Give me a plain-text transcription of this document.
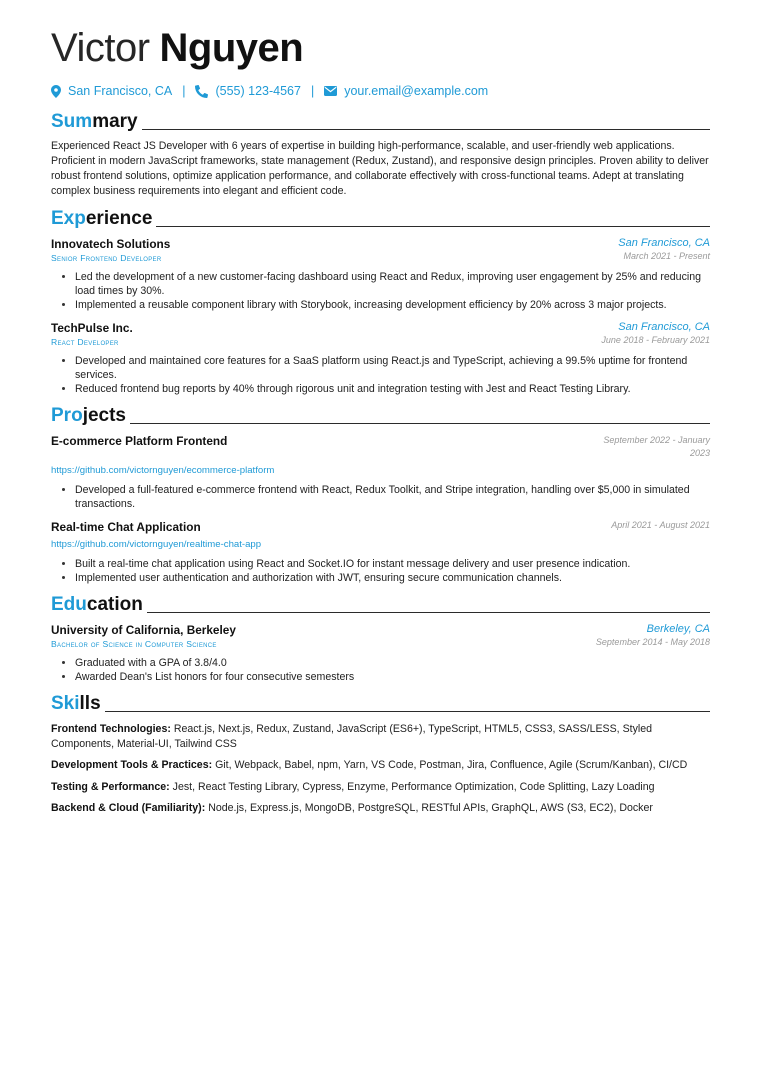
Victor Nguyen
San Francisco, CA | (555) 123-4567 | your.email@example.com
Summary

Experienced React JS Developer with 6 years of expertise in building high-performance, scalable, and user-friendly web applications. Proficient in modern JavaScript frameworks, state management (Redux, Zustand), and responsive design principles. Proven ability to deliver robust frontend solutions, optimize application performance, and collaborate effectively with cross-functional teams. Adept at translating complex business requirements into elegant and efficient code.

Experience
Innovatech Solutions	San Francisco, CA
Senior Frontend Developer	March 2021 - Present
• Led the development of a new customer-facing dashboard using React and Redux, improving user engagement by 25% and reducing load times by 30%.
• Implemented a reusable component library with Storybook, increasing development efficiency by 20% across 3 major projects.
TechPulse Inc.	San Francisco, CA
React Developer	June 2018 - February 2021
• Developed and maintained core features for a SaaS platform using React.js and TypeScript, achieving a 99.5% uptime for frontend services.
• Reduced frontend bug reports by 40% through rigorous unit and integration testing with Jest and React Testing Library.
Projects
E-commerce Platform Frontend	September 2022 - January 2023
https://github.com/victornguyen/ecommerce-platform
• Developed a full-featured e-commerce frontend with React, Redux Toolkit, and Stripe integration, handling over $5,000 in simulated transactions.
Real-time Chat Application	April 2021 - August 2021
https://github.com/victornguyen/realtime-chat-app
• Built a real-time chat application using React and Socket.IO for instant message delivery and user presence indication.
• Implemented user authentication and authorization with JWT, ensuring secure communication channels.
Education
University of California, Berkeley	Berkeley, CA
Bachelor of Science in Computer Science	September 2014 - May 2018
• Graduated with a GPA of 3.8/4.0
• Awarded Dean's List honors for four consecutive semesters
Skills
Frontend Technologies: React.js, Next.js, Redux, Zustand, JavaScript (ES6+), TypeScript, HTML5, CSS3, SASS/LESS, Styled Components, Material-UI, Tailwind CSS
Development Tools & Practices: Git, Webpack, Babel, npm, Yarn, VS Code, Postman, Jira, Confluence, Agile (Scrum/Kanban), CI/CD
Testing & Performance: Jest, React Testing Library, Cypress, Enzyme, Performance Optimization, Code Splitting, Lazy Loading
Backend & Cloud (Familiarity): Node.js, Express.js, MongoDB, PostgreSQL, RESTful APIs, GraphQL, AWS (S3, EC2), Docker
